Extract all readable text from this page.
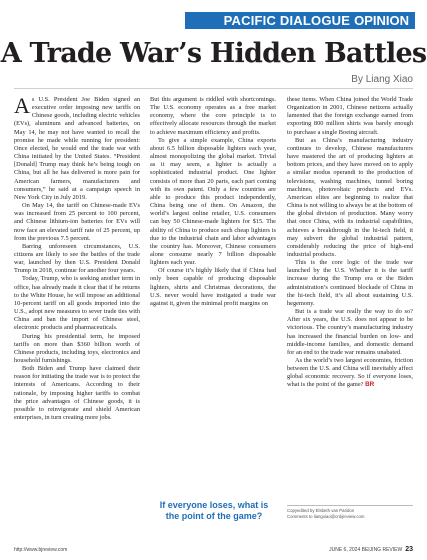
PACIFIC DIALOGUE OPINION
A Trade War’s Hidden Battles
By Liang Xiao

As U.S. President Joe Biden signed an executive order imposing new tariffs on Chinese goods, including electric vehicles (EVs), aluminum and advanced batteries, on May 14, he may not have wanted to recall the promise he made while running for president: Once elected, he would end the trade war with China initiated by the United States. “President [Donald] Trump may think he’s being tough on China, but all he has delivered is more pain for American farmers, manufacturers and consumers,” he said at a campaign speech in New York City in July 2019.

On May 14, the tariff on Chinese-made EVs was increased from 25 percent to 100 percent, and Chinese lithium-ion batteries for EVs will now face an elevated tariff rate of 25 percent, up from the previous 7.5 percent.

Barring unforeseen circumstances, U.S. citizens are likely to see the battles of the trade war, launched by then U.S. President Donald Trump in 2018, continue for another four years.

Today, Trump, who is seeking another term in office, has already made it clear that if he returns to the White House, he will impose an additional 10-percent tariff on all goods imported into the U.S., adopt new measures to sever trade ties with China and ban the import of Chinese steel, electronic products and pharmaceuticals.

During his presidential term, he imposed tariffs on more than $360 billion worth of Chinese products, including toys, electronics and household furnishings.

Both Biden and Trump have claimed their reason for initiating the trade war is to protect the interests of Americans. According to their rationale, by imposing higher tariffs to combat the price advantages of Chinese goods, it is possible to reinvigorate and shield American enterprises, in turn creating more jobs.

But this argument is riddled with shortcomings. The U.S. economy operates as a free market economy, where the core principle is to effectively allocate resources through the market to achieve maximum efficiency and profits.

To give a simple example, China exports about 6.5 billion disposable lighters each year, almost monopolizing the global market. Trivial as it may seem, a lighter is actually a sophisticated industrial product. One lighter consists of more than 20 parts, each part coming with its own patent. Only a few countries are able to produce this product independently, China being one of them. On Amazon, the world’s largest online retailer, U.S. consumers can buy 50 Chinese-made lighters for $15. The ability of China to produce such cheap lighters is due to the industrial chain and labor advantages the country has. Moreover, Chinese consumers alone consume nearly 7 billion disposable lighters each year.

Of course it’s highly likely that if China had only been capable of producing disposable lighters, shirts and Christmas decorations, the U.S. never would have instigated a trade war against it, given the minimal profit margins on

If everyone loses, what is the point of the game?

these items. When China joined the World Trade Organization in 2001, Chinese netizens actually lamented that the foreign exchange earned from exporting 800 million shirts was barely enough to purchase a single Boeing aircraft.

But as China’s manufacturing industry continues to develop, Chinese manufacturers have mastered the art of producing lighters at bottom prices, and they have moved on to apply a similar modus operandi to the production of televisions, washing machines, tunnel boring machines, photovoltaic products and EVs. American elites are beginning to realize that China is not willing to always be at the bottom of the global division of production. Many worry that once China, with its industrial capabilities, achieves a breakthrough in the hi-tech field, it may subvert the global industrial pattern, considerably reducing the price of high-end industrial products.

This is the core logic of the trade war launched by the U.S. Whether it is the tariff increase during the Trump era or the Biden administration’s continued blockade of China in the hi-tech field, it’s all about sustaining U.S. hegemony.

But is a trade war really the way to do so? After six years, the U.S. does not appear to be victorious. The country’s manufacturing industry has increased the financial burden on low- and middle-income families, and domestic demand for an end to the trade war remains unabated.

As the world’s two largest economies, friction between the U.S. and China will inevitably affect global economic recovery. So if everyone loses, what is the point of the game? BR

Copyedited by Elsbeth van Paridon
Comments to liangxiao@cnbjreview.com
http://www.bjreview.com	JUNE 6, 2024 BEIJING REVIEW 23
